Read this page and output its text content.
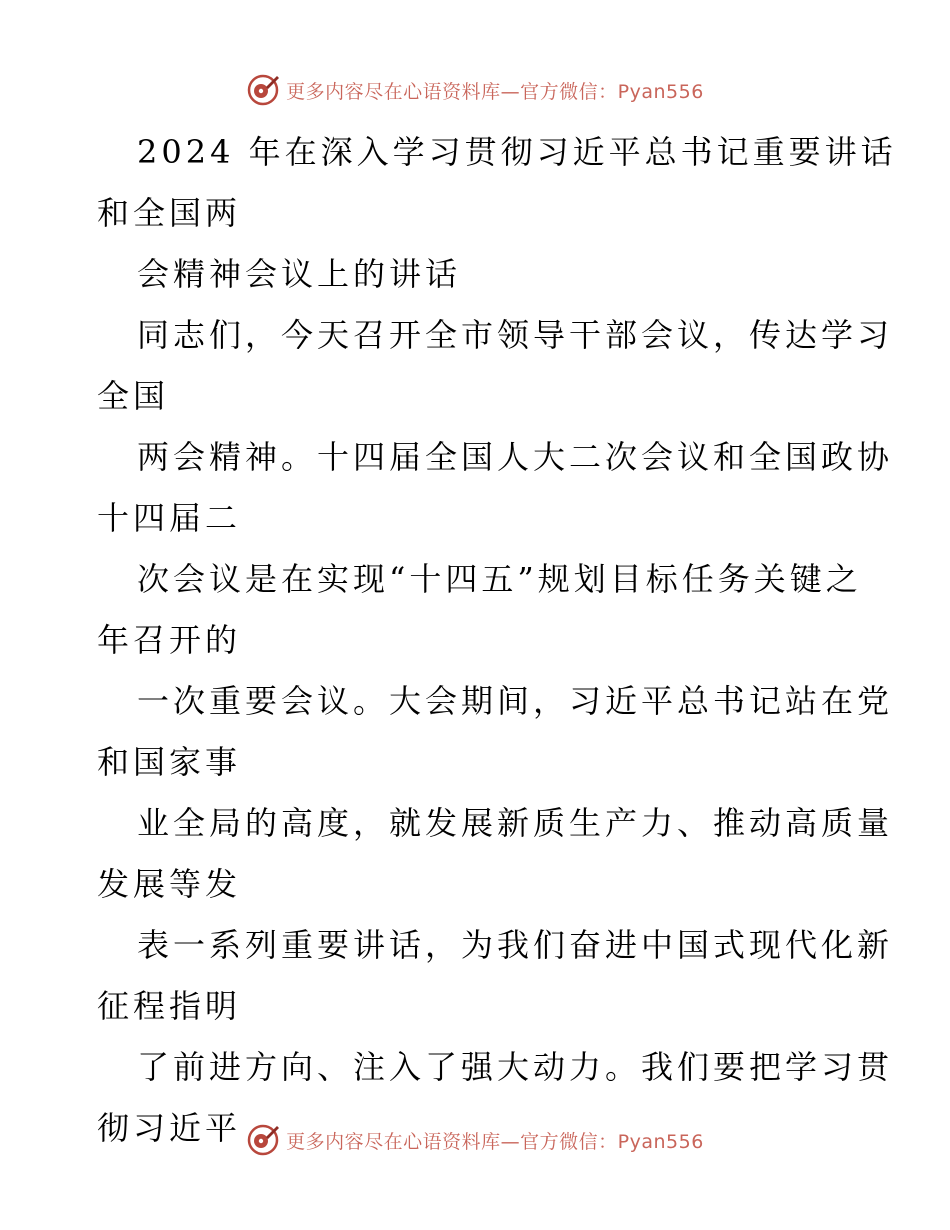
更多内容尽在心语资料库—官方微信：Pyan556
2024 年在深入学习贯彻习近平总书记重要讲话
和全国两
会精神会议上的讲话
同志们，今天召开全市领导干部会议，传达学习
全国
两会精神。十四届全国人大二次会议和全国政协
十四届二
次会议是在实现“十四五”规划目标任务关键之
年召开的
一次重要会议。大会期间，习近平总书记站在党
和国家事
业全局的高度，就发展新质生产力、推动高质量
发展等发
表一系列重要讲话，为我们奋进中国式现代化新
征程指明
了前进方向、注入了强大动力。我们要把学习贯
彻习近平	更多内容尽在心语资料库—官方微信：Pyan556
